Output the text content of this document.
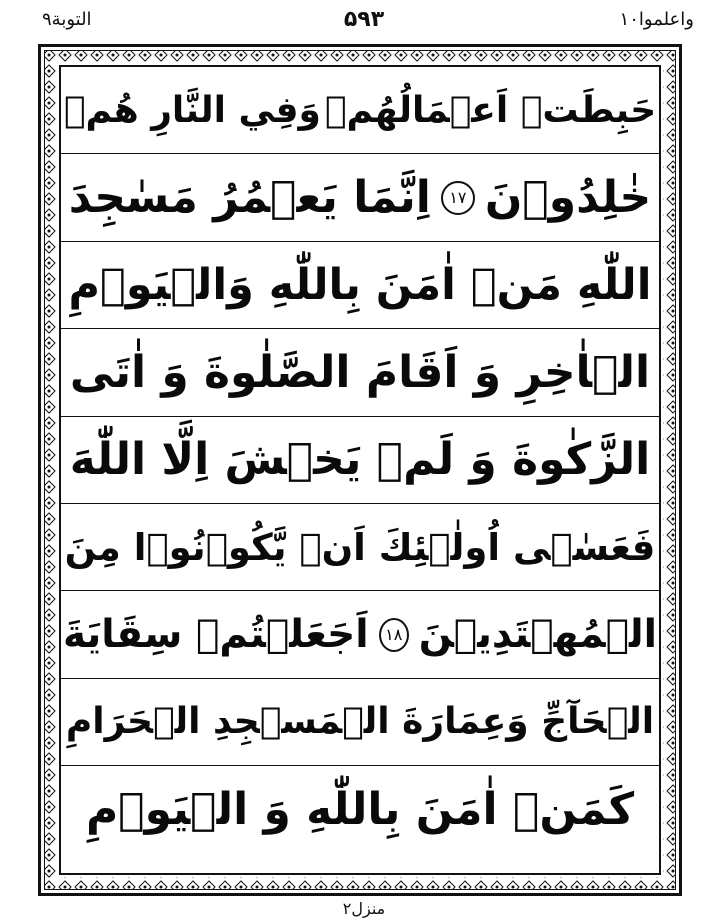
واعلموا١٠
۵۹۳
التوبة٩
حَبِطَتۡ اَعۡمَالُهُمۡ
وَفِي النَّارِ هُمۡ
خٰلِدُوۡنَ
١٧
اِنَّمَا يَعۡمُرُ مَسٰجِدَ
اللّٰهِ مَنۡ اٰمَنَ بِاللّٰهِ وَالۡيَوۡمِ
الۡاٰخِرِ وَ اَقَامَ الصَّلٰوةَ وَ اٰتَى
الزَّكٰوةَ وَ لَمۡ يَخۡشَ اِلَّا اللّٰهَ
فَعَسٰۤى اُولٰۤئِكَ اَنۡ يَّكُوۡنُوۡا مِنَ
الۡمُهۡتَدِيۡنَ
١٨
اَجَعَلۡتُمۡ سِقَايَةَ
الۡحَآجِّ وَعِمَارَةَ الۡمَسۡجِدِ الۡحَرَامِ
كَمَنۡ اٰمَنَ بِاللّٰهِ وَ الۡيَوۡمِ
منزل٢
